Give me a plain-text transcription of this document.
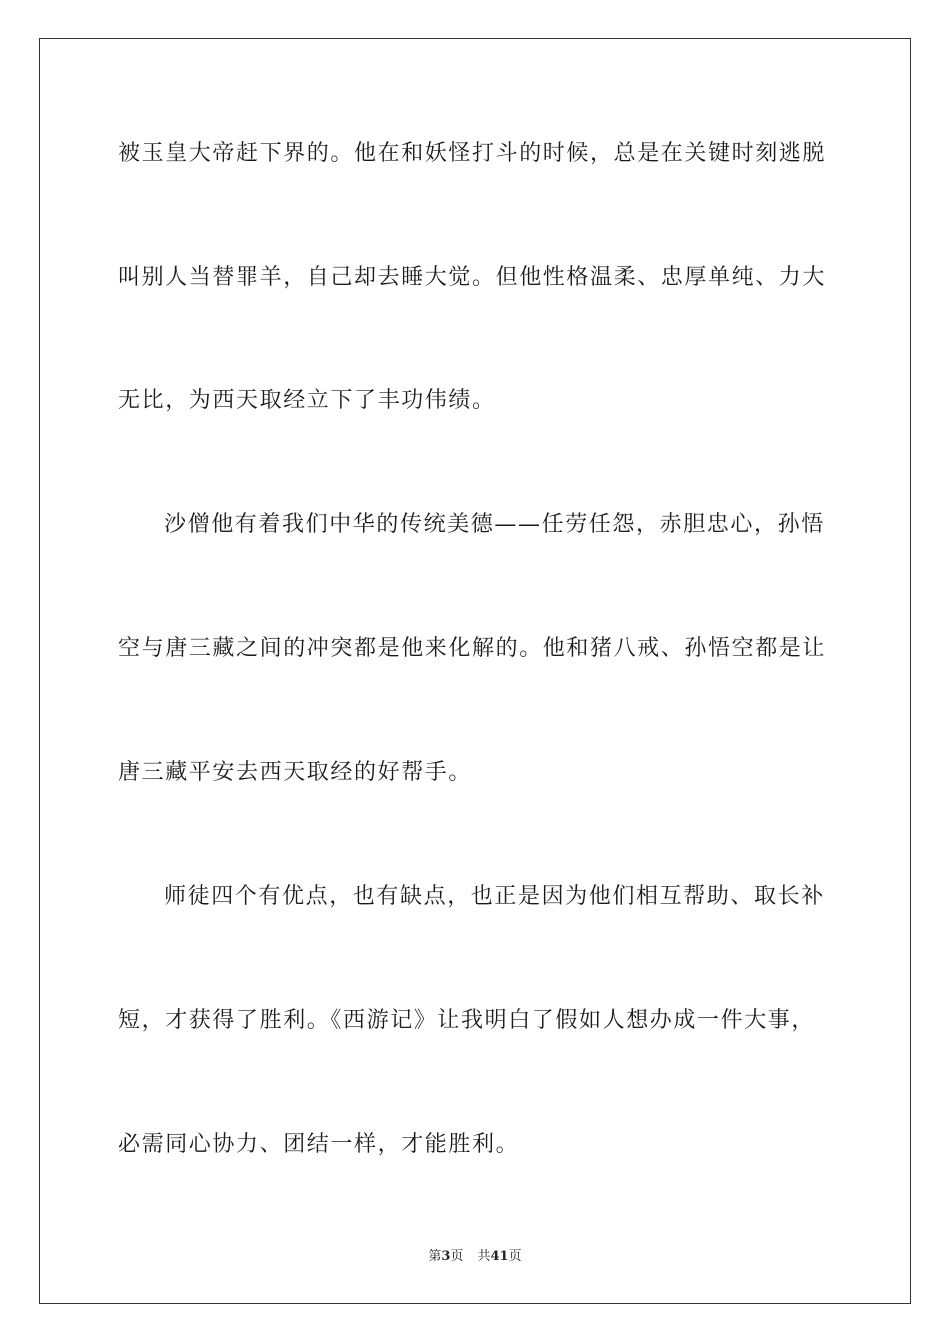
被玉皇大帝赶下界的。他在和妖怪打斗的时候，总是在关键时刻逃脱
叫别人当替罪羊，自己却去睡大觉。但他性格温柔、忠厚单纯、力大
无比，为西天取经立下了丰功伟绩。
沙僧他有着我们中华的传统美德——任劳任怨，赤胆忠心，孙悟
空与唐三藏之间的冲突都是他来化解的。他和猪八戒、孙悟空都是让
唐三藏平安去西天取经的好帮手。
师徒四个有优点，也有缺点，也正是因为他们相互帮助、取长补
短，才获得了胜利。《西游记》让我明白了假如人想办成一件大事，
必需同心协力、团结一样，才能胜利。
第3页 共41页
